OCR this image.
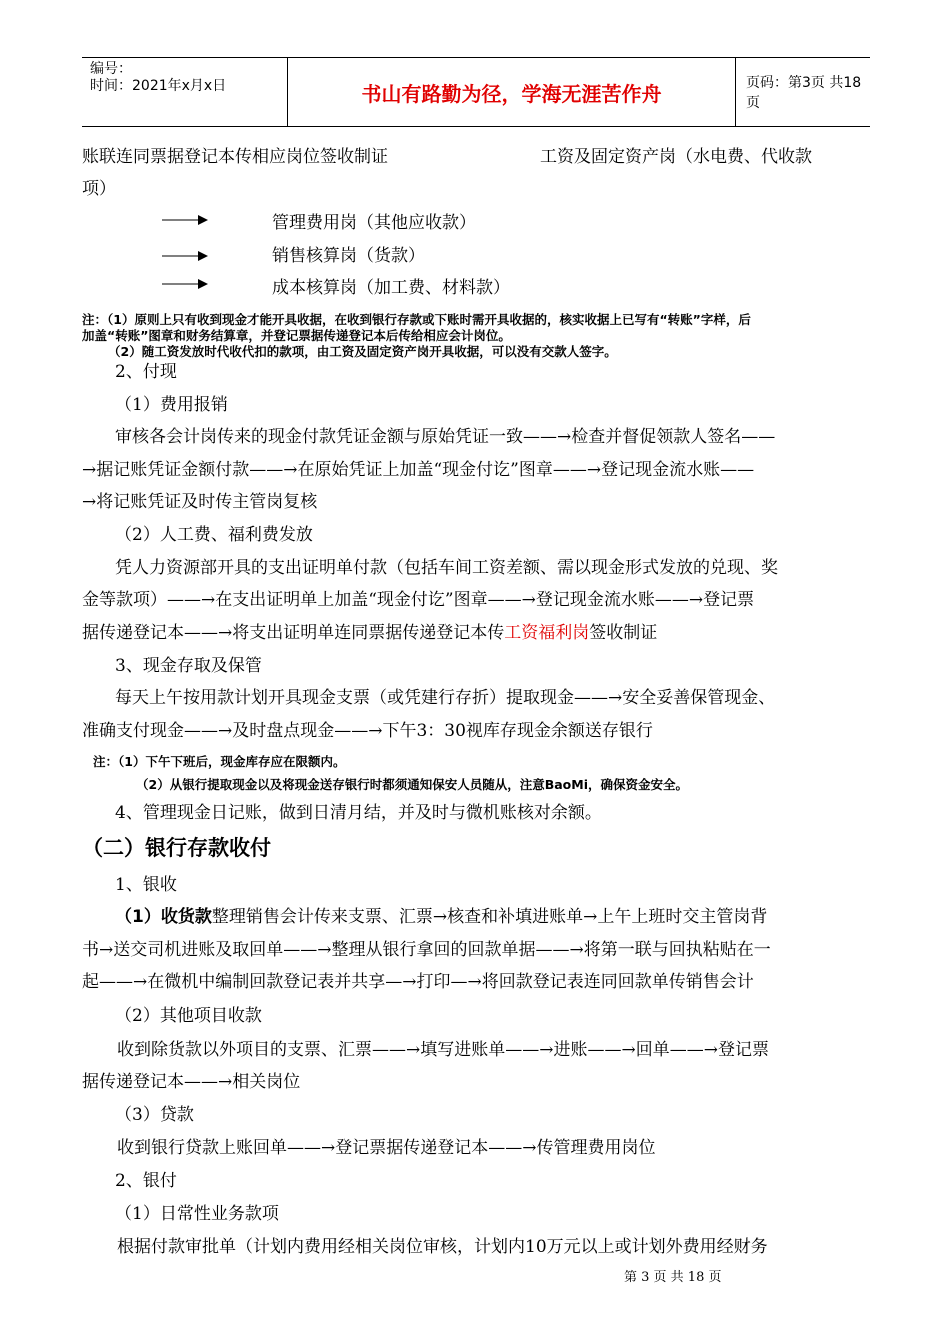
编号：
时间：2021年x月x日	书山有路勤为径，学海无涯苦作舟	页码：第3页 共18页
账联连同票据登记本传相应岗位签收制证	工资及固定资产岗（水电费、代收款
项）
管理费用岗（其他应收款）
销售核算岗（货款）
成本核算岗（加工费、材料款）
注：（1）原则上只有收到现金才能开具收据，在收到银行存款或下账时需开具收据的，核实收据上已写有“转账”字样，后
加盖“转账”图章和财务结算章，并登记票据传递登记本后传给相应会计岗位。
（2）随工资发放时代收代扣的款项，由工资及固定资产岗开具收据，可以没有交款人签字。
2、付现
（1）费用报销
审核各会计岗传来的现金付款凭证金额与原始凭证一致——→检查并督促领款人签名——
→据记账凭证金额付款——→在原始凭证上加盖“现金付讫”图章——→登记现金流水账——
→将记账凭证及时传主管岗复核
（2）人工费、福利费发放
凭人力资源部开具的支出证明单付款（包括车间工资差额、需以现金形式发放的兑现、奖
金等款项）——→在支出证明单上加盖“现金付讫”图章——→登记现金流水账——→登记票
据传递登记本——→将支出证明单连同票据传递登记本传工资福利岗签收制证
3、现金存取及保管
每天上午按用款计划开具现金支票（或凭建行存折）提取现金——→安全妥善保管现金、
准确支付现金——→及时盘点现金——→下午3：30视库存现金余额送存银行
注：（1）下午下班后，现金库存应在限额内。
（2）从银行提取现金以及将现金送存银行时都须通知保安人员随从，注意BaoMi，确保资金安全。
4、管理现金日记账，做到日清月结，并及时与微机账核对余额。
（二）银行存款收付
1、银收
（1）收货款整理销售会计传来支票、汇票→核查和补填进账单→上午上班时交主管岗背
书→送交司机进账及取回单——→整理从银行拿回的回款单据——→将第一联与回执粘贴在一
起——→在微机中编制回款登记表并共享—→打印—→将回款登记表连同回款单传销售会计
（2）其他项目收款
收到除货款以外项目的支票、汇票——→填写进账单——→进账——→回单——→登记票
据传递登记本——→相关岗位
（3）贷款
收到银行贷款上账回单——→登记票据传递登记本——→传管理费用岗位
2、银付
（1）日常性业务款项
根据付款审批单（计划内费用经相关岗位审核，计划内10万元以上或计划外费用经财务
第 3 页 共 18 页
